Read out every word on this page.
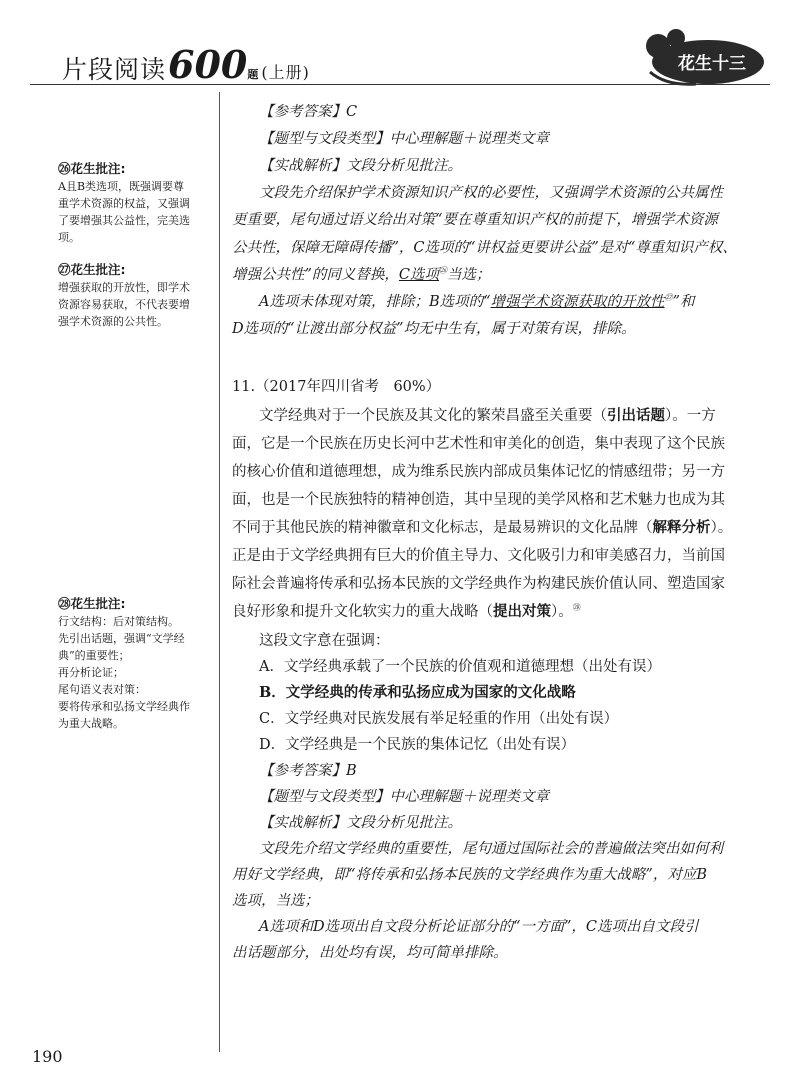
片段阅读600题 (上册)	花生十三
㉖花生批注:
A且B类选项，既强调要尊
重学术资源的权益，又强调
了要增强其公益性，完美选
项。
㉗花生批注:
增强获取的开放性，即学术
资源容易获取，不代表要增
强学术资源的公共性。
㉘花生批注:
行文结构：后对策结构。
先引出话题，强调“文学经
典”的重要性；
再分析论证；
尾句语义表对策：
要将传承和弘扬文学经典作
为重大战略。
【参考答案】C
【题型与文段类型】中心理解题＋说理类文章
【实战解析】文段分析见批注。
文段先介绍保护学术资源知识产权的必要性，又强调学术资源的公共属性
更重要，尾句通过语义给出对策“要在尊重知识产权的前提下，增强学术资源
公共性，保障无障碍传播”，C选项的“讲权益更要讲公益”是对“尊重知识产权、
增强公共性”的同义替换，C选项$^㉖$当选；
A选项未体现对策，排除；B选项的“增强学术资源获取的开放性$^㉗$”和
D选项的“让渡出部分权益”均无中生有，属于对策有误，排除。
11.（2017年四川省考　60%）
文学经典对于一个民族及其文化的繁荣昌盛至关重要（引出话题）。一方
面，它是一个民族在历史长河中艺术性和审美化的创造，集中表现了这个民族
的核心价值和道德理想，成为维系民族内部成员集体记忆的情感纽带；另一方
面，也是一个民族独特的精神创造，其中呈现的美学风格和艺术魅力也成为其
不同于其他民族的精神徽章和文化标志，是最易辨识的文化品牌（解释分析）。
正是由于文学经典拥有巨大的价值主导力、文化吸引力和审美感召力，当前国
际社会普遍将传承和弘扬本民族的文学经典作为构建民族价值认同、塑造国家
良好形象和提升文化软实力的重大战略（提出对策）。$^㉘$
这段文字意在强调：
A．文学经典承载了一个民族的价值观和道德理想（出处有误）
B．文学经典的传承和弘扬应成为国家的文化战略
C．文学经典对民族发展有举足轻重的作用（出处有误）
D．文学经典是一个民族的集体记忆（出处有误）
【参考答案】B
【题型与文段类型】中心理解题＋说理类文章
【实战解析】文段分析见批注。
文段先介绍文学经典的重要性，尾句通过国际社会的普遍做法突出如何利
用好文学经典，即“将传承和弘扬本民族的文学经典作为重大战略”，对应B
选项，当选；
A选项和D选项出自文段分析论证部分的“一方面”，C选项出自文段引
出话题部分，出处均有误，均可简单排除。
190
